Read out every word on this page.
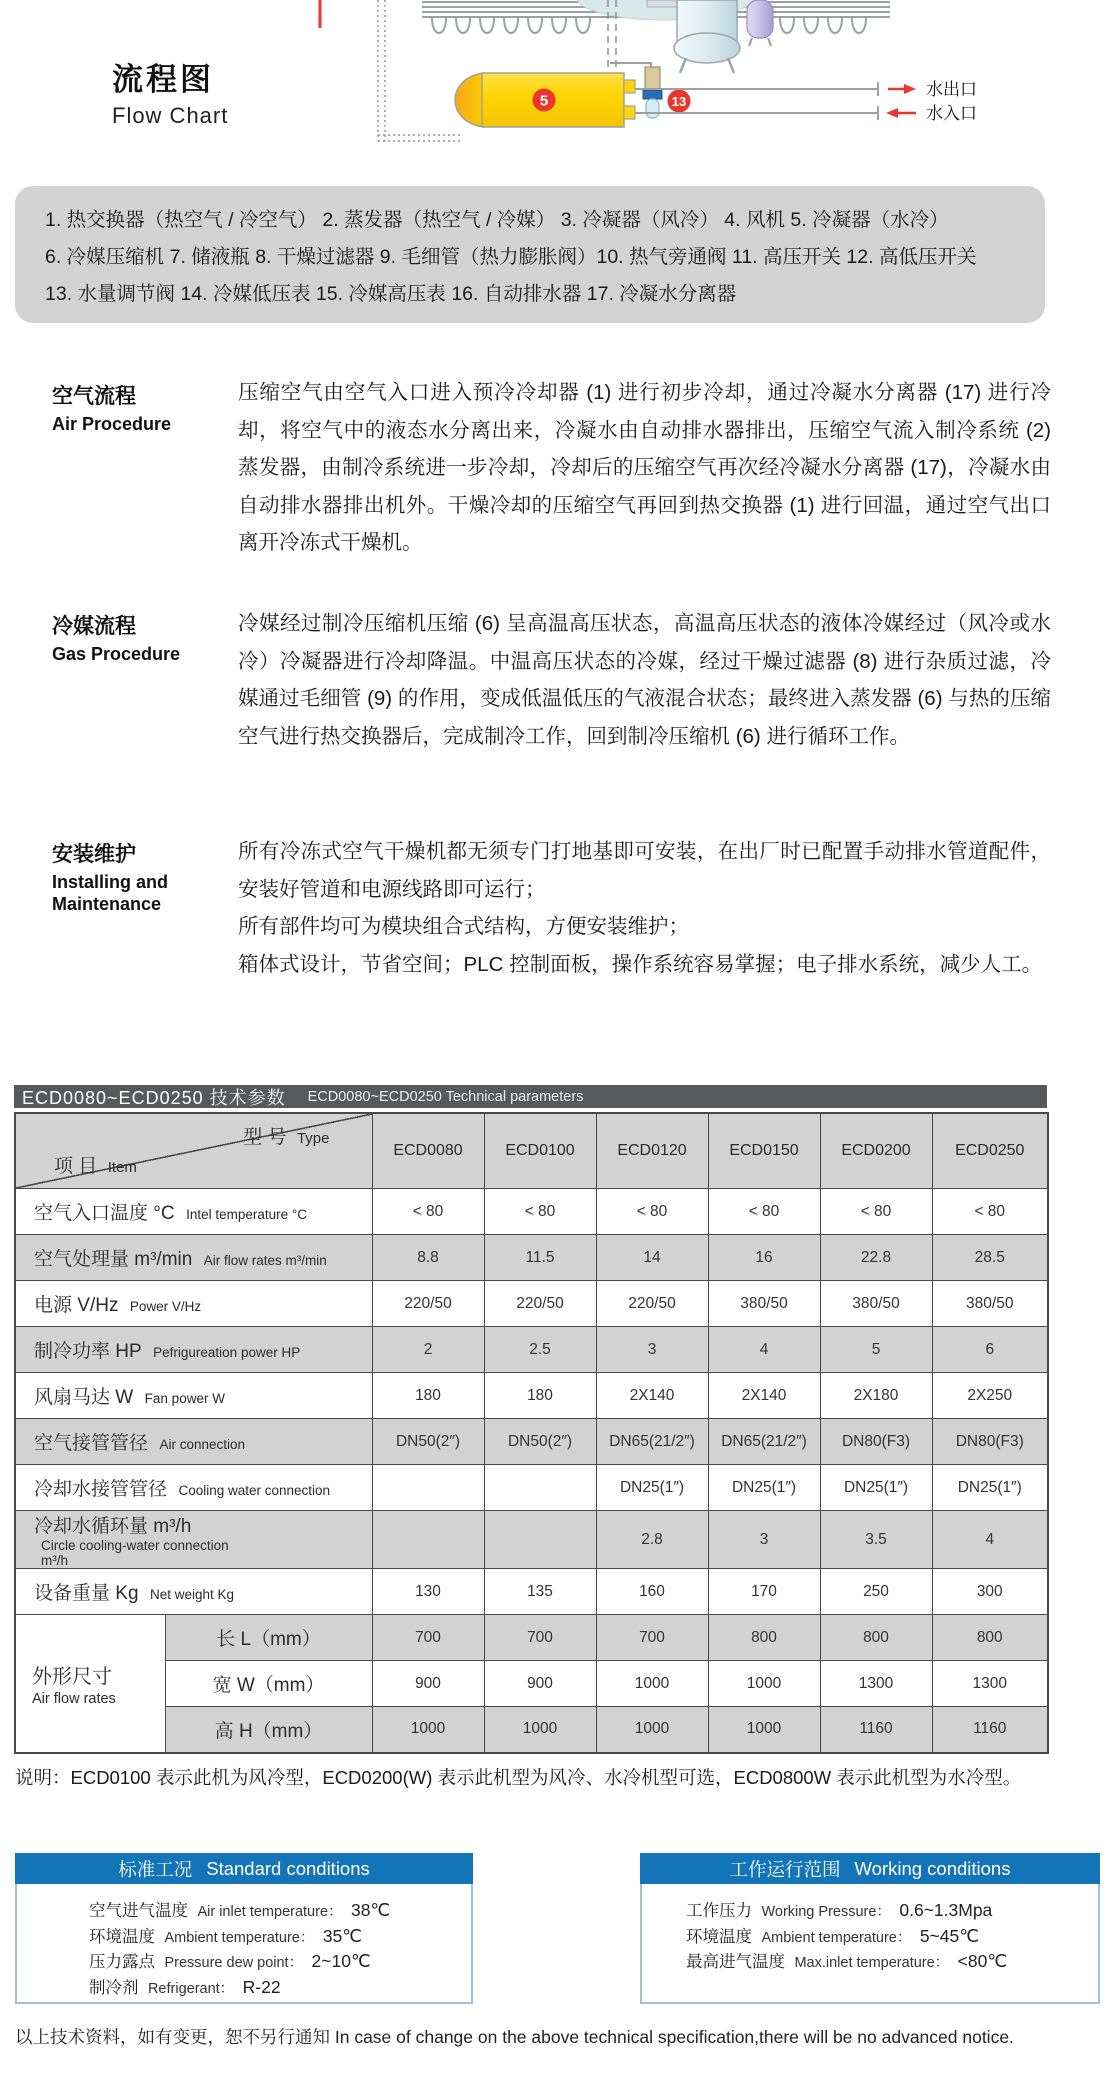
5	13
水出口
水入口
流程图
Flow Chart
1. 热交换器（热空气 / 冷空气） 2. 蒸发器（热空气 / 冷媒） 3. 冷凝器（风冷） 4. 风机 5. 冷凝器（水冷）
6. 冷媒压缩机 7. 储液瓶 8. 干燥过滤器 9. 毛细管（热力膨胀阀）10. 热气旁通阀 11. 高压开关 12. 高低压开关
13. 水量调节阀 14. 冷媒低压表 15. 冷媒高压表 16. 自动排水器 17. 冷凝水分离器
空气流程
Air Procedure

压缩空气由空气入口进入预冷冷却器 (1) 进行初步冷却，通过冷凝水分离器 (17) 进行冷却，将空气中的液态水分离出来，冷凝水由自动排水器排出，压缩空气流入制冷系统 (2) 蒸发器，由制冷系统进一步冷却，冷却后的压缩空气再次经冷凝水分离器 (17)，冷凝水由自动排水器排出机外。干燥冷却的压缩空气再回到热交换器 (1) 进行回温，通过空气出口离开冷冻式干燥机。

冷媒流程
Gas Procedure

冷媒经过制冷压缩机压缩 (6) 呈高温高压状态，高温高压状态的液体冷媒经过（风冷或水冷）冷凝器进行冷却降温。中温高压状态的冷媒，经过干燥过滤器 (8) 进行杂质过滤，冷媒通过毛细管 (9) 的作用，变成低温低压的气液混合状态；最终进入蒸发器 (6) 与热的压缩空气进行热交换器后，完成制冷工作，回到制冷压缩机 (6) 进行循环工作。

安装维护
Installing and Maintenance

所有冷冻式空气干燥机都无须专门打地基即可安装，在出厂时已配置手动排水管道配件，安装好管道和电源线路即可运行；

所有部件均可为模块组合式结构，方便安装维护；

箱体式设计，节省空间；PLC 控制面板，操作系统容易掌握；电子排水系统，减少人工。

ECD0080~ECD0250 技术参数 ECD0080~ECD0250 Technical parameters
型 号 Type
项 目 Item		ECD0080	ECD0100	ECD0120	ECD0150	ECD0200	ECD0250
空气入口温度 °C Intel temperature °C		< 80	< 80	< 80	< 80	< 80	< 80
空气处理量 m³/min Air flow rates m³/min		8.8	11.5	14	16	22.8	28.5
电源 V/Hz Power V/Hz		220/50	220/50	220/50	380/50	380/50	380/50
制冷功率 HP Pefrigureation power HP		2	2.5	3	4	5	6
风扇马达 W Fan power W		180	180	2X140	2X140	2X180	2X250
空气接管管径 Air connection		DN50(2″)	DN50(2″)	DN65(21/2″)	DN65(21/2″)	DN80(F3)	DN80(F3)
冷却水接管管径 Cooling water connection				DN25(1″)	DN25(1″)	DN25(1″)	DN25(1″)
冷却水循环量 m³/h Circle cooling-water connection m³/h				2.8	3	3.5	4
设备重量 Kg Net weight Kg		130	135	160	170	250	300

外形尺寸
Air flow rates	长 L（mm）	700	700	700	800	800	800
	宽 W（mm）	900	900	1000	1000	1300	1300
	高 H（mm）	1000	1000	1000	1000	1160	1160
说明：ECD0100 表示此机为风冷型，ECD0200(W) 表示此机型为风冷、水冷机型可选，ECD0800W 表示此机型为水冷型。
标准工况 Standard conditions
空气进气温度 Air inlet temperature： 38℃
环境温度 Ambient temperature： 35℃
压力露点 Pressure dew point： 2~10℃
制冷剂 Refrigerant： R-22
工作运行范围 Working conditions
工作压力 Working Pressure： 0.6~1.3Mpa
环境温度 Ambient temperature： 5~45℃
最高进气温度 Max.inlet temperature： <80℃
以上技术资料，如有变更，恕不另行通知 In case of change on the above technical specification,there will be no advanced notice.
